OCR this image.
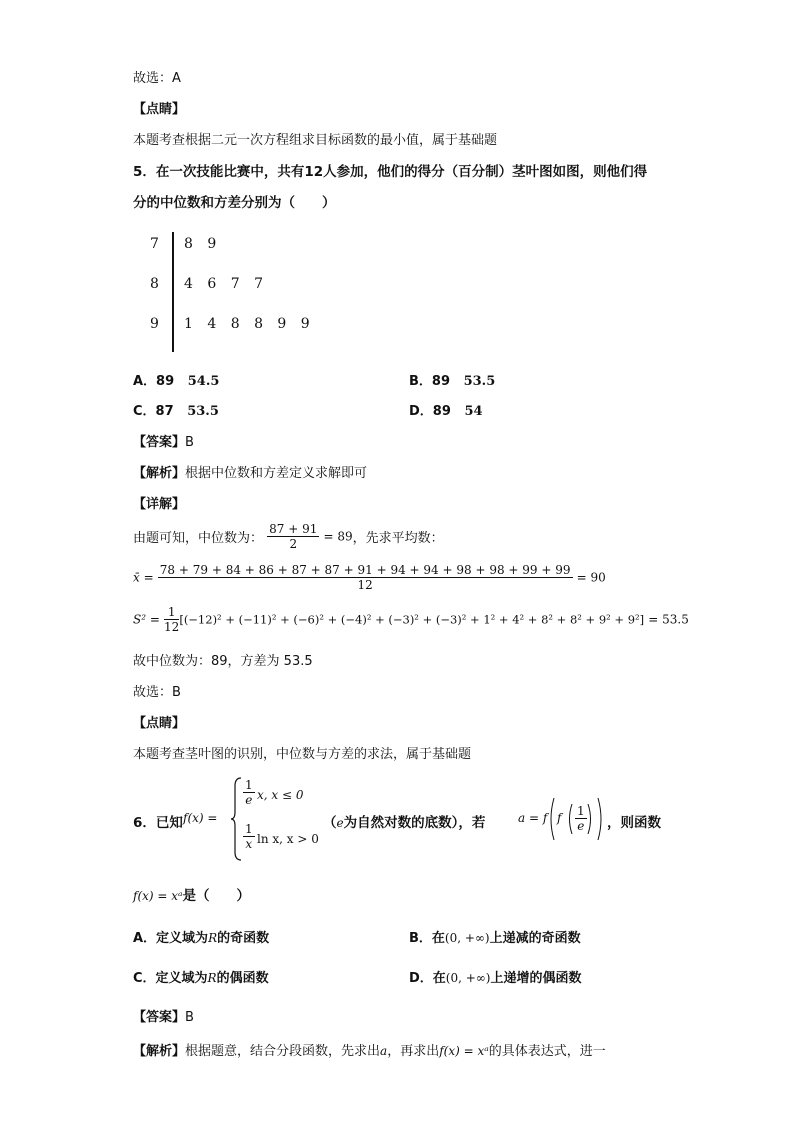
故选：A
【点睛】
本题考查根据二元一次方程组求目标函数的最小值，属于基础题
5．在一次技能比赛中，共有12人参加，他们的得分（百分制）茎叶图如图，则他们得
分的中位数和方差分别为（　　）
7 8 9
8 4 6 7 7
9 1 4 8 8 9 9
A．89 54.5	B．89 53.5
C．87 53.5	D．89 54
【答案】B
【解析】根据中位数和方差定义求解即可
【详解】
由题可知，中位数为： $\frac{87 + 91}{2} = 89$，先求平均数：
x̄ =
78 + 79 + 84 + 86 + 87 + 87 + 91 + 94 + 94 + 98 + 98 + 99 + 99
12
= 90
$S^2 = \frac{1}{12} [(-12)^2 + (-11)^2 + (-6)^2 + (-4)^2 + (-3)^2 + (-3)^2 + 1^2 + 4^2 + 8^2 + 8^2 + 9^2 + 9^2] = 53.5$
故中位数为：89，方差为 53.5
故选：B
【点睛】
本题考查茎叶图的识别，中位数与方差的求法，属于基础题
6．已知 f(x) =
$\frac{1}{e} x$, x ≤ 0
$\frac{1}{x}$ ln x, x > 0
（e为自然对数的底数），若	a = f f $\frac{1}{e}$ ，则函数
f(x) = xᵃ是（　　）
A．定义域为R的奇函数	B．在(0, +∞)上递减的奇函数
C．定义域为R的偶函数	D．在(0, +∞)上递增的偶函数
【答案】B
【解析】根据题意，结合分段函数，先求出a，再求出f(x) = xᵃ的具体表达式，进一
